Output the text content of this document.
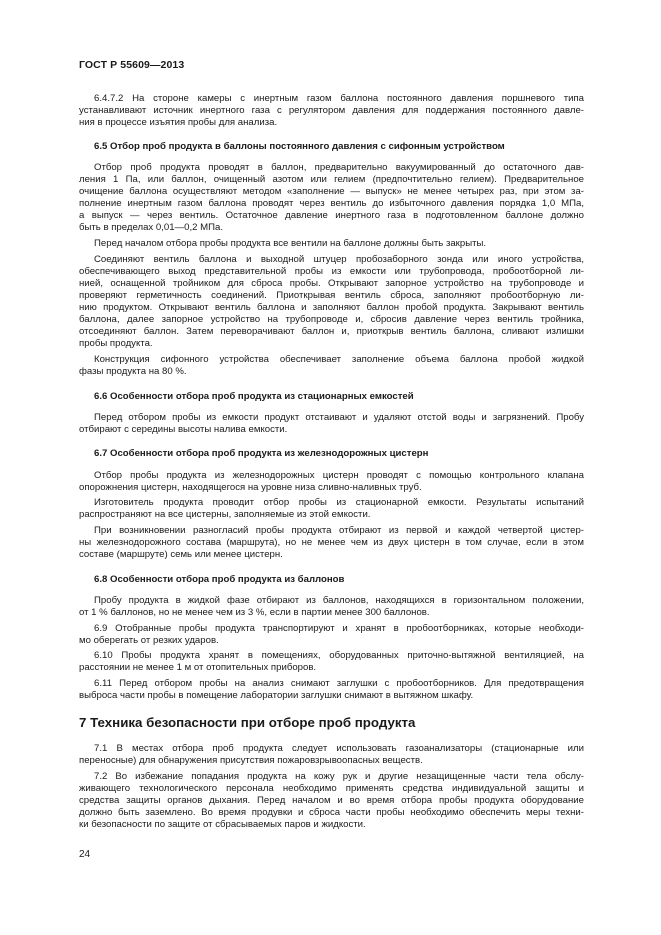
ГОСТ Р 55609—2013
6.4.7.2 На стороне камеры с инертным газом баллона постоянного давления поршневого типа
устанавливают источник инертного газа с регулятором давления для поддержания постоянного давле-
ния в процессе изъятия пробы для анализа.
6.5 Отбор проб продукта в баллоны постоянного давления с сифонным устройством
Отбор проб продукта проводят в баллон, предварительно вакуумированный до остаточного дав-
ления 1 Па, или баллон, очищенный азотом или гелием (предпочтительно гелием). Предварительное
очищение баллона осуществляют методом «заполнение — выпуск» не менее четырех раз, при этом за-
полнение инертным газом баллона проводят через вентиль до избыточного давления порядка 1,0 МПа,
а выпуск — через вентиль. Остаточное давление инертного газа в подготовленном баллоне должно
быть в пределах 0,01—0,2 МПа.
Перед началом отбора пробы продукта все вентили на баллоне должны быть закрыты.
Соединяют вентиль баллона и выходной штуцер пробозаборного зонда или иного устройства,
обеспечивающего выход представительной пробы из емкости или трубопровода, пробоотборной ли-
нией, оснащенной тройником для сброса пробы. Открывают запорное устройство на трубопроводе и
проверяют герметичность соединений. Приоткрывая вентиль сброса, заполняют пробоотборную ли-
нию продуктом. Открывают вентиль баллона и заполняют баллон пробой продукта. Закрывают вентиль
баллона, далее запорное устройство на трубопроводе и, сбросив давление через вентиль тройника,
отсоединяют баллон. Затем переворачивают баллон и, приоткрыв вентиль баллона, сливают излишки
пробы продукта.
Конструкция сифонного устройства обеспечивает заполнение объема баллона пробой жидкой
фазы продукта на 80 %.
6.6 Особенности отбора проб продукта из стационарных емкостей
Перед отбором пробы из емкости продукт отстаивают и удаляют отстой воды и загрязнений. Пробу
отбирают с середины высоты налива емкости.
6.7 Особенности отбора проб продукта из железнодорожных цистерн
Отбор пробы продукта из железнодорожных цистерн проводят с помощью контрольного клапана
опорожнения цистерн, находящегося на уровне низа сливно-наливных труб.
Изготовитель продукта проводит отбор пробы из стационарной емкости. Результаты испытаний
распространяют на все цистерны, заполняемые из этой емкости.
При возникновении разногласий пробы продукта отбирают из первой и каждой четвертой цистер-
ны железнодорожного состава (маршрута), но не менее чем из двух цистерн в том случае, если в этом
составе (маршруте) семь или менее цистерн.
6.8 Особенности отбора проб продукта из баллонов
Пробу продукта в жидкой фазе отбирают из баллонов, находящихся в горизонтальном положении,
от 1 % баллонов, но не менее чем из 3 %, если в партии менее 300 баллонов.
6.9 Отобранные пробы продукта транспортируют и хранят в пробоотборниках, которые необходи-
мо оберегать от резких ударов.
6.10 Пробы продукта хранят в помещениях, оборудованных приточно-вытяжной вентиляцией, на
расстоянии не менее 1 м от отопительных приборов.
6.11 Перед отбором пробы на анализ снимают заглушки с пробоотборников. Для предотвращения
выброса части пробы в помещение лаборатории заглушки снимают в вытяжном шкафу.
7 Техника безопасности при отборе проб продукта
7.1 В местах отбора проб продукта следует использовать газоанализаторы (стационарные или
переносные) для обнаружения присутствия пожаровзрывоопасных веществ.
7.2 Во избежание попадания продукта на кожу рук и другие незащищенные части тела обслу-
живающего технологического персонала необходимо применять средства индивидуальной защиты и
средства защиты органов дыхания. Перед началом и во время отбора пробы продукта оборудование
должно быть заземлено. Во время продувки и сброса части пробы необходимо обеспечить меры техни-
ки безопасности по защите от сбрасываемых паров и жидкости.
24
